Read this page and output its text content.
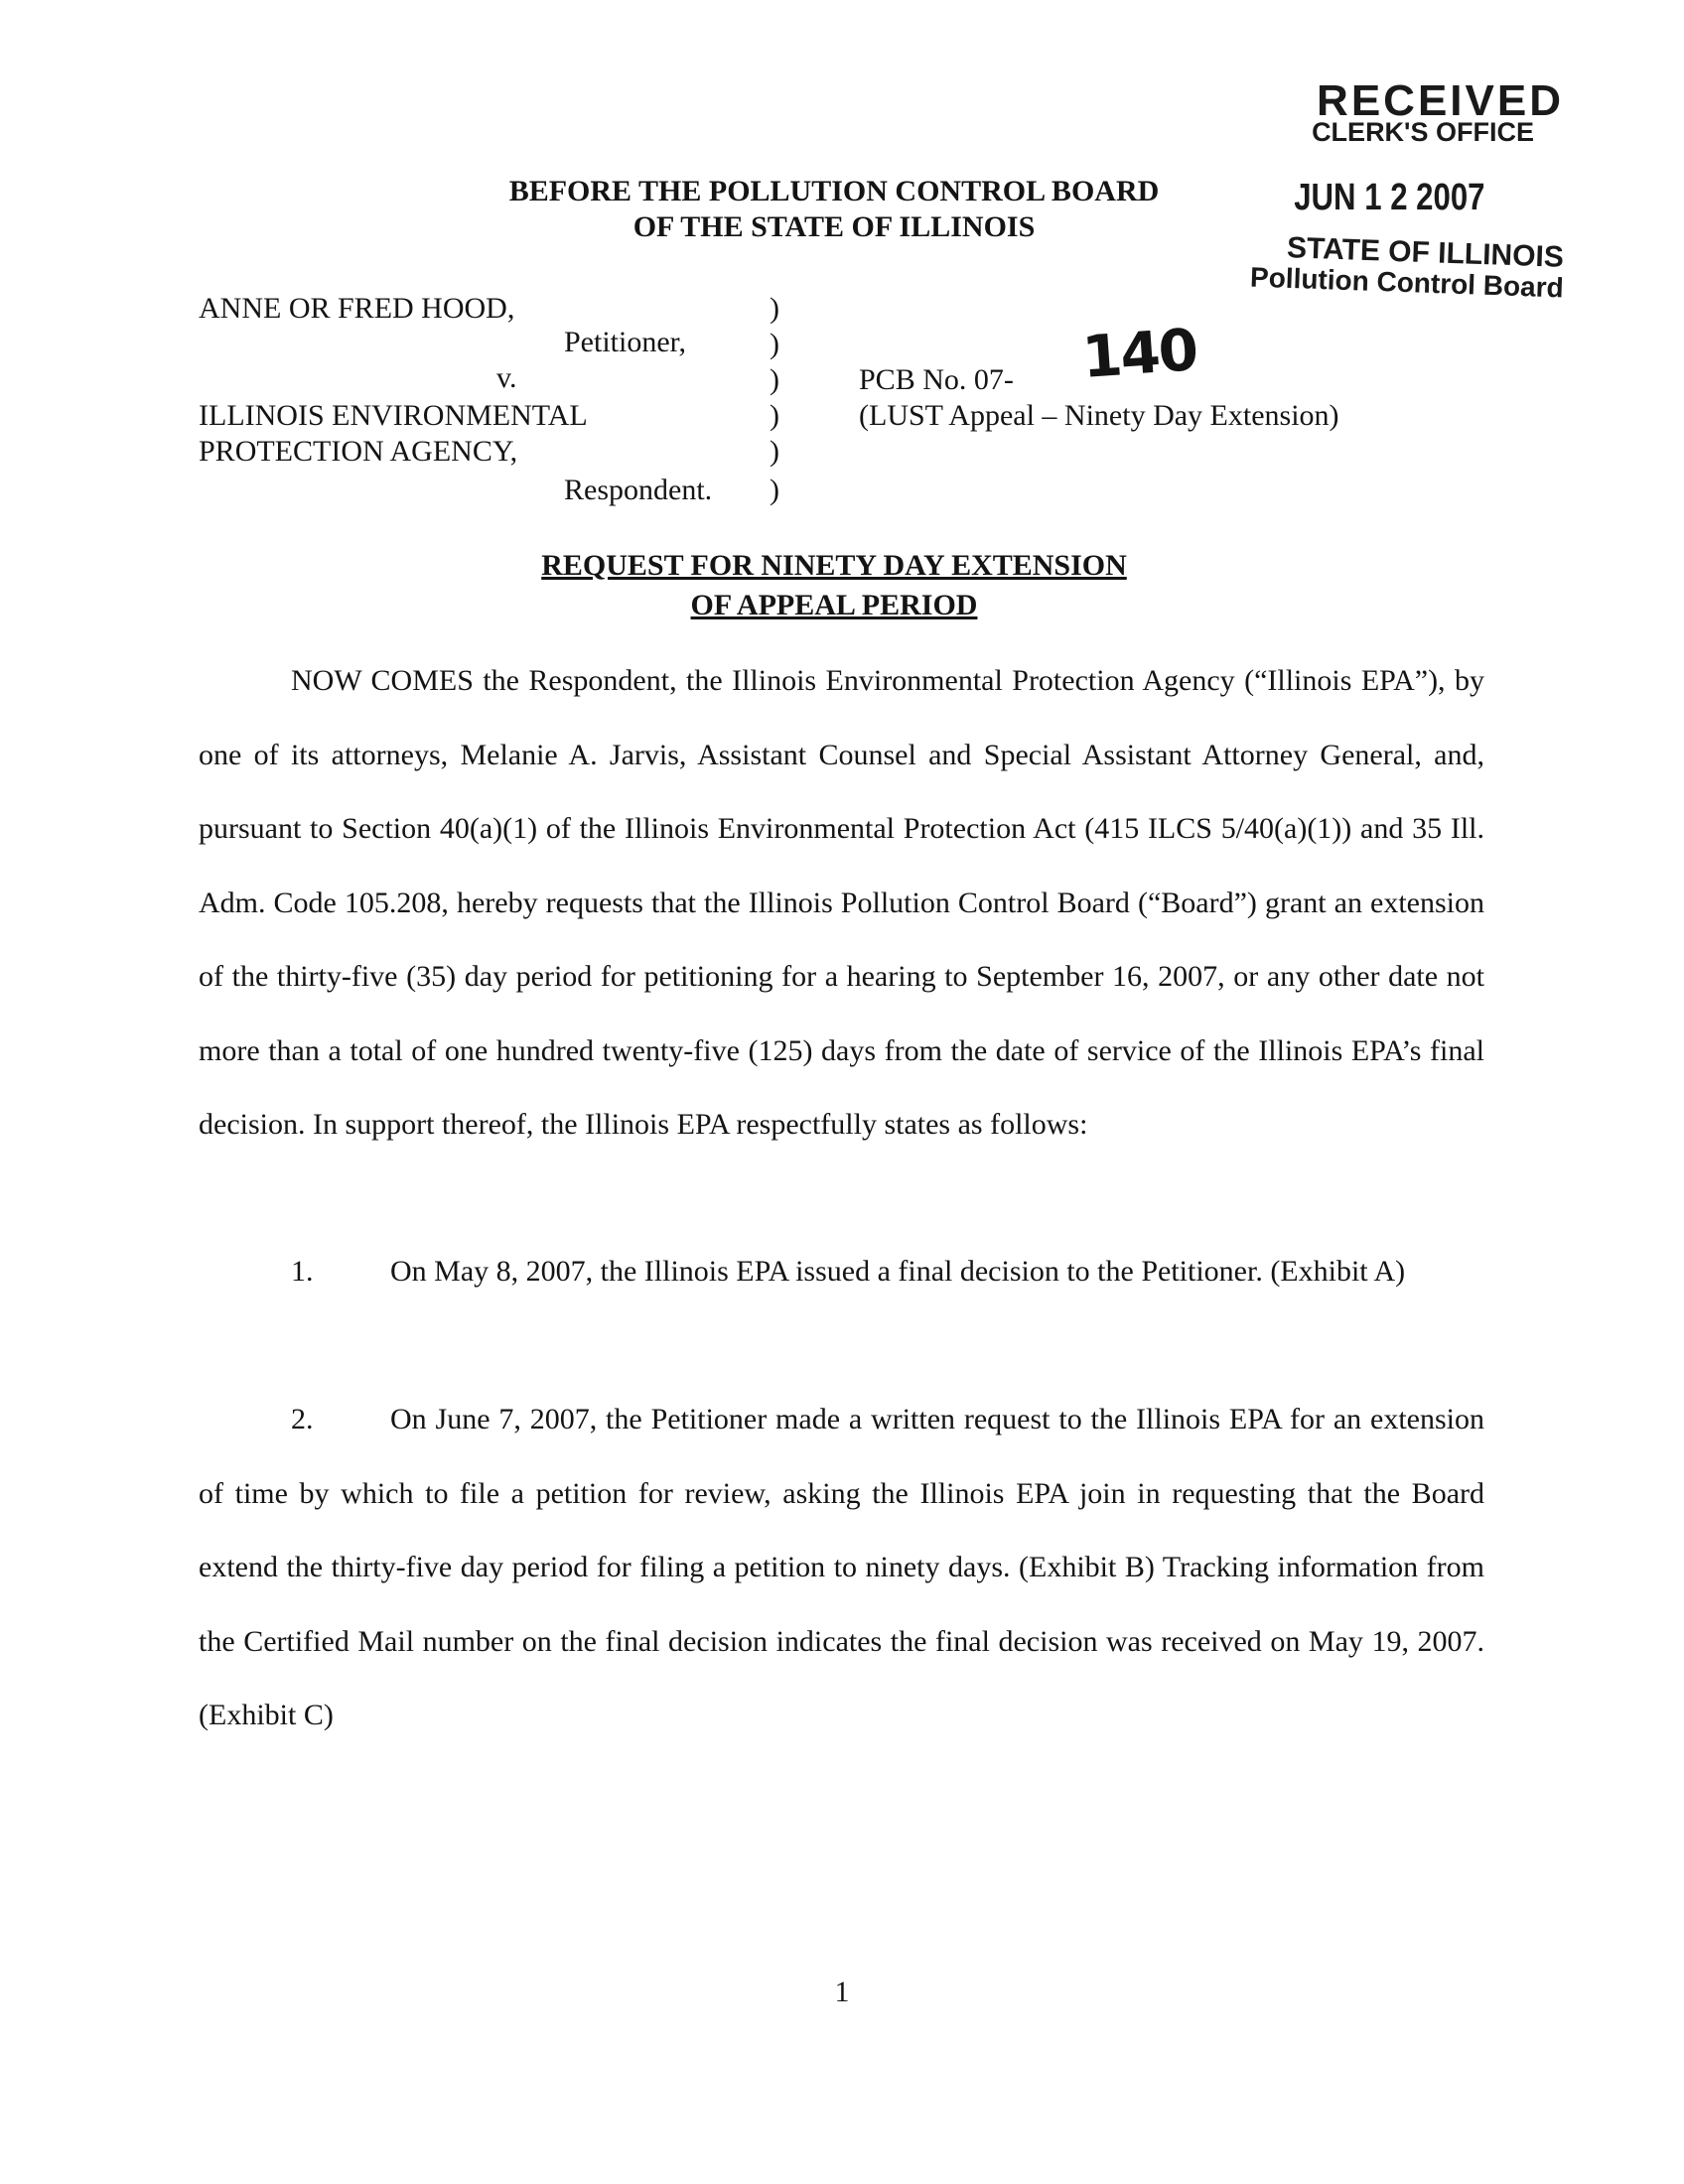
RECEIVED
CLERK'S OFFICE
JUN 1 2 2007
STATE OF ILLINOIS
Pollution Control Board
BEFORE THE POLLUTION CONTROL BOARD
OF THE STATE OF ILLINOIS
ANNE OR FRED HOOD,
Petitioner,
v.
ILLINOIS ENVIRONMENTAL
PROTECTION AGENCY,
Respondent.
)
)
)
)
)
)
PCB No. 07- 140
(LUST Appeal – Ninety Day Extension)
REQUEST FOR NINETY DAY EXTENSION
OF APPEAL PERIOD
NOW COMES the Respondent, the Illinois Environmental Protection Agency (“Illinois EPA”), by one of its attorneys, Melanie A. Jarvis, Assistant Counsel and Special Assistant Attorney General, and, pursuant to Section 40(a)(1) of the Illinois Environmental Protection Act (415 ILCS 5/40(a)(1)) and 35 Ill. Adm. Code 105.208, hereby requests that the Illinois Pollution Control Board (“Board”) grant an extension of the thirty-five (35) day period for petitioning for a hearing to September 16, 2007, or any other date not more than a total of one hundred twenty-five (125) days from the date of service of the Illinois EPA’s final decision. In support thereof, the Illinois EPA respectfully states as follows:
1.	On May 8, 2007, the Illinois EPA issued a final decision to the Petitioner. (Exhibit A)
2.	On June 7, 2007, the Petitioner made a written request to the Illinois EPA for an extension of time by which to file a petition for review, asking the Illinois EPA join in requesting that the Board extend the thirty-five day period for filing a petition to ninety days. (Exhibit B) Tracking information from the Certified Mail number on the final decision indicates the final decision was received on May 19, 2007. (Exhibit C)
1
